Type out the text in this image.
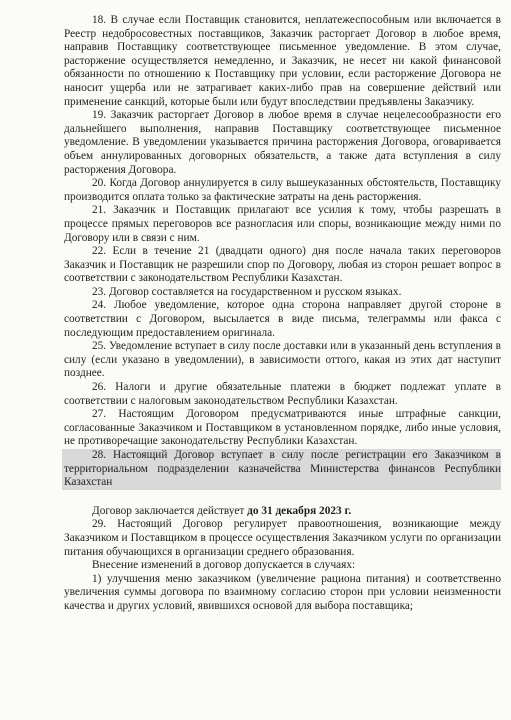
18. В случае если Поставщик становится, неплатежеспособным или включается в Реестр недобросовестных поставщиков, Заказчик расторгает Договор в любое время, направив Поставщику соответствующее письменное уведомление. В этом случае, расторжение осуществляется немедленно, и Заказчик, не несет ни какой финансовой обязанности по отношению к Поставщику при условии, если расторжение Договора не наносит ущерба или не затрагивает каких-либо прав на совершение действий или применение санкций, которые были или будут впоследствии предъявлены Заказчику.

19. Заказчик расторгает Договор в любое время в случае нецелесообразности его дальнейшего выполнения, направив Поставщику соответствующее письменное уведомление. В уведомлении указывается причина расторжения Договора, оговаривается объем аннулированных договорных обязательств, а также дата вступления в силу расторжения Договора.

20. Когда Договор аннулируется в силу вышеуказанных обстоятельств, Поставщику производится оплата только за фактические затраты на день расторжения.

21. Заказчик и Поставщик прилагают все усилия к тому, чтобы разрешать в процессе прямых переговоров все разногласия или споры, возникающие между ними по Договору или в связи с ним.

22. Если в течение 21 (двадцати одного) дня после начала таких переговоров Заказчик и Поставщик не разрешили спор по Договору, любая из сторон решает вопрос в соответствии с законодательством Республики Казахстан.

23. Договор составляется на государственном и русском языках.

24. Любое уведомление, которое одна сторона направляет другой стороне в соответствии с Договором, высылается в виде письма, телеграммы или факса с последующим предоставлением оригинала.

25. Уведомление вступает в силу после доставки или в указанный день вступления в силу (если указано в уведомлении), в зависимости оттого, какая из этих дат наступит позднее.

26. Налоги и другие обязательные платежи в бюджет подлежат уплате в соответствии с налоговым законодательством Республики Казахстан.

27. Настоящим Договором предусматриваются иные штрафные санкции, согласованные Заказчиком и Поставщиком в установленном порядке, либо иные условия, не противоречащие законодательству Республики Казахстан.

28. Настоящий Договор вступает в силу после регистрации его Заказчиком в территориальном подразделении казначейства Министерства финансов Республики Казахстан

Договор заключается действует до 31 декабря 2023 г.

29. Настоящий Договор регулирует правоотношения, возникающие между Заказчиком и Поставщиком в процессе осуществления Заказчиком услуги по организации питания обучающихся в организации среднего образования.

Внесение изменений в договор допускается в случаях:

1) улучшения меню заказчиком (увеличение рациона питания) и соответственно увеличения суммы договора по взаимному согласию сторон при условии неизменности качества и других условий, явившихся основой для выбора поставщика;
